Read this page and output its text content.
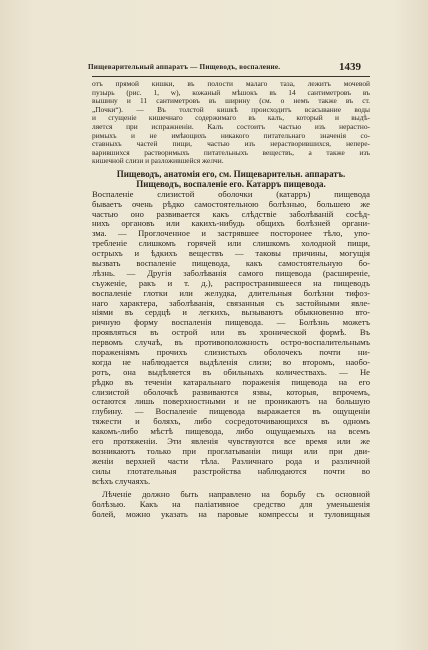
Пищеварительный аппаратъ — Пищеводъ, воспаление.	1439
отъ прямой кишки, въ полости малаго таза, лежитъ мочевой
пузырь (рис. 1, w), кожаный мѣшокъ въ 14 сантиметровъ въ
вышину и 11 сантиметровъ въ ширину (см. о немъ также въ ст.
„Почки“). — Въ толстой кишкѣ происходитъ всасывание воды
и сгущеніе кишечнаго содержимаго въ калъ, который и выдѣ-
ляется при испражненіи. Калъ состоитъ частью изъ нерастно-
римыхъ и не имѣющихъ никакого питательнаго значенія со-
ставныхъ частей пищи, частью изъ нерастворившихся, непере-
варившихся растворимыхъ питательныхъ веществъ, а также изъ
кишечной слизи и разложившейся желчи.
Пищеводъ, анатомія его, см. Пищеварительн. аппаратъ.
Пищеводъ, воспаленіе его. Катарръ пищевода.
Воспаленіе слизистой оболочки (катарръ) пищевода
бываетъ очень рѣдко самостоятельною болѣзнью, большею же
частью оно развивается какъ слѣдствіе заболѣваній сосѣд-
нихъ органовъ или какихъ-нибудь общихъ болѣзней органи-
зма. — Проглоченное и застрявшее посторонее тѣло, упо-
требленіе слишкомъ горячей или слишкомъ холодной пищи,
острыхъ и ѣдкихъ веществъ — таковы причины, могущія
вызвать воспаленіе пищевода, какъ самостоятельную бо-
лѣзнь. — Другія заболѣванія самого пищевода (расширеніе,
съуженіе, ракъ и т. д.), распространившееся на пищеводъ
воспаленіе глотки или желудка, длительныя болѣзни тифоз-
наго характера, заболѣванія, связанныя съ застойными явле-
ніями въ сердцѣ и легкихъ, вызываютъ обыкновенно вто-
ричную форму воспаленія пищевода. — Болѣзнь можетъ
проявляться въ острой или въ хронической формѣ. Въ
первомъ случаѣ, въ противоположность остро-воспалительнымъ
пораженіямъ прочихъ слизистыхъ оболочекъ почти ни-
когда не наблюдается выдѣленія слизи; во второмъ, наобо-
ротъ, она выдѣляется въ обильныхъ количествахъ. — Не
рѣдко въ теченіи катаральнаго пораженія пищевода на его
слизистой оболочкѣ развиваются язвы, которыя, впрочемъ,
остаются лишь поверхностными и не проникаютъ на большую
глубину. — Воспаленіе пищевода выражается въ ощущеніи
тяжести и боляхъ, либо сосредоточивающихся въ одномъ
какомъ-либо мѣстѣ пищевода, либо ощущаемыхъ на всемъ
его протяженіи. Эти явленія чувствуются все время или же
возникаютъ только при проглатываніи пищи или при дви-
женіи верхней части тѣла. Различнаго рода и различной
силы глотательныя разстройства наблюдаются почти во
всѣхъ случаяхъ.
Лѣченіе должно быть направлено на борьбу съ основной
болѣзью. Какъ на паліативное средство для уменьшенія
болей, можно указать на паровые компрессы и туловищныя
